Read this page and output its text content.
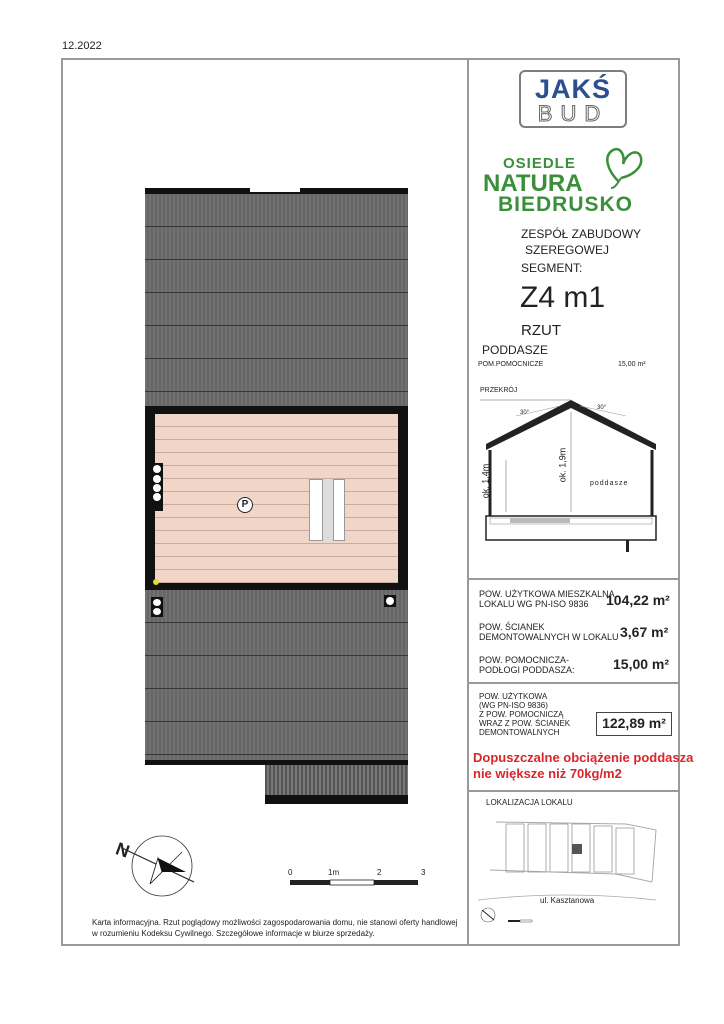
12.2022
JAKŚ
BUD
OSIEDLE
NATURA
BIEDRUSKO
ZESPÓŁ ZABUDOWY
SZEREGOWEJ
SEGMENT:
Z4 m1
RZUT
PODDASZE
POM.POMOCNICZE	15,00 m²
PRZEKRÓJ
30°
30°
ok. 1,4m	ok. 1,9m
poddasze
POW. UŻYTKOWA MIESZKALNA
LOKALU WG PN-ISO 9836	104,22 m²
POW. ŚCIANEK
DEMONTOWALNYCH W LOKALU 3,67 m²
POW. POMOCNICZA-
PODŁOGI PODDASZA:	15,00 m²
POW. UŻYTKOWA
(WG PN-ISO 9836)
Z POW. POMOCNICZĄ
WRAZ Z POW. ŚCIANEK
DEMONTOWALNYCH
122,89 m²
Dopuszczalne obciążenie poddasza
nie większe niż 70kg/m2
LOKALIZACJA LOKALU
ul. Kasztanowa
P
N
0	1m	2	3
Karta informacyjna. Rzut poglądowy możliwości zagospodarowania domu, nie stanowi oferty handlowej
w rozumieniu Kodeksu Cywilnego. Szczegółowe informacje w biurze sprzedaży.
